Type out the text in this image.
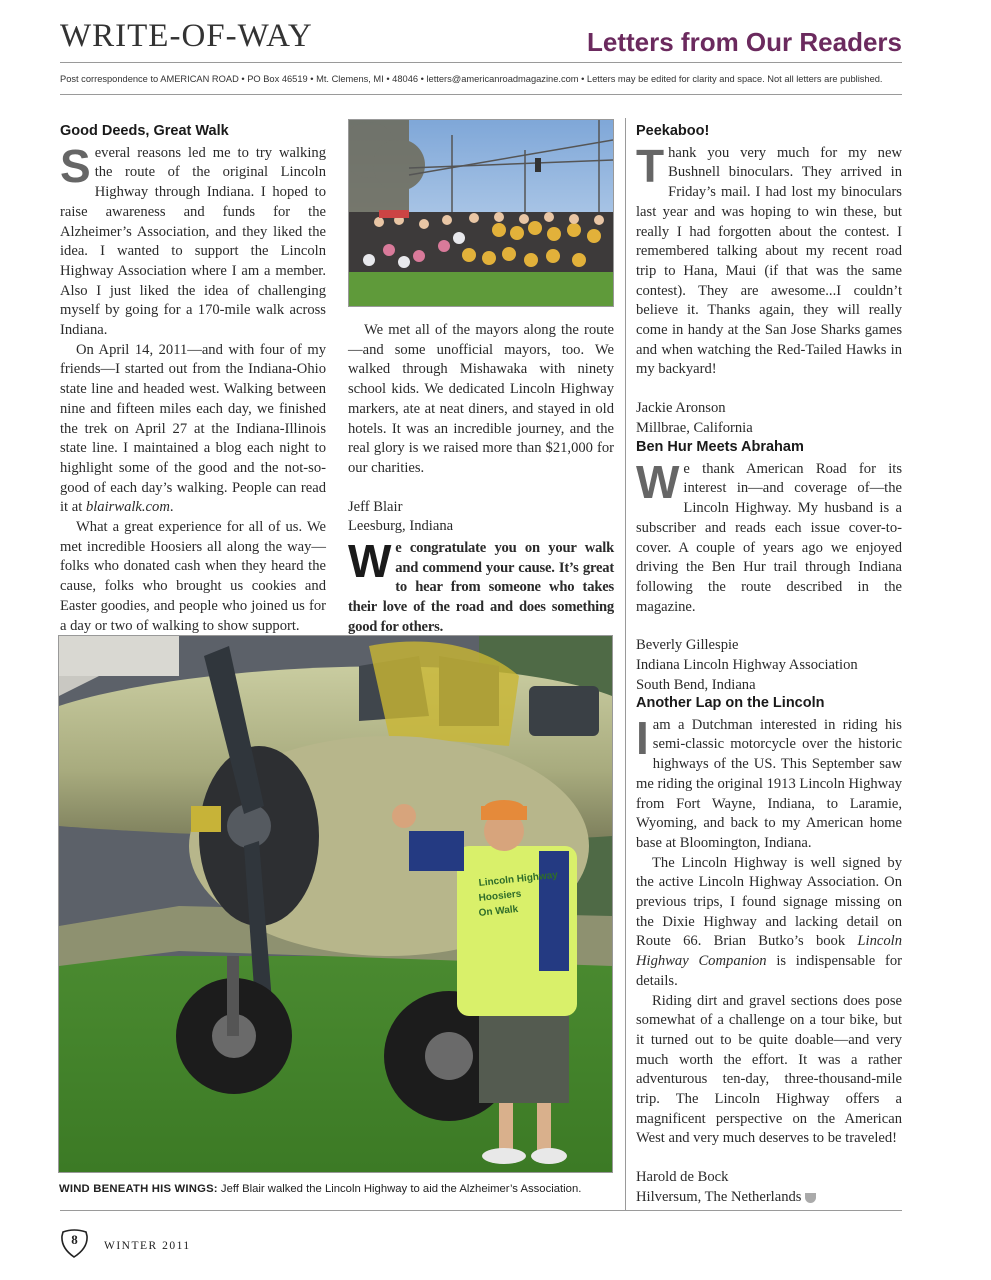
WRITE-OF-WAY	Letters from Our Readers
Post correspondence to AMERICAN ROAD • PO Box 46519 • Mt. Clemens, MI • 48046 • letters@americanroadmagazine.com • Letters may be edited for clarity and space. Not all letters are published.
Good Deeds, Great Walk

Several reasons led me to try walking the route of the original Lincoln Highway through Indiana. I hoped to raise awareness and funds for the Alzheimer’s Association, and they liked the idea. I wanted to support the Lincoln Highway Association where I am a member. Also I just liked the idea of challenging myself by going for a 170-mile walk across Indiana.

On April 14, 2011—and with four of my friends—I started out from the Indiana-Ohio state line and headed west. Walking between nine and fifteen miles each day, we finished the trek on April 27 at the Indiana-Illinois state line. I maintained a blog each night to highlight some of the good and the not-so-good of each day’s walking. People can read it at blairwalk.com.

What a great experience for all of us. We met incredible Hoosiers all along the way—folks who donated cash when they heard the cause, folks who brought us cookies and Easter goodies, and people who joined us for a day or two of walking to show support.

We met all of the mayors along the route—and some unofficial mayors, too. We walked through Mishawaka with ninety school kids. We dedicated Lincoln Highway markers, ate at neat diners, and stayed in old hotels. It was an incredible journey, and the real glory is we raised more than $21,000 for our charities.

Jeff Blair

Leesburg, Indiana

We congratulate you on your walk and commend your cause. It’s great to hear from someone who takes their love of the road and does something good for others.

Peekaboo!

Thank you very much for my new Bushnell binoculars. They arrived in Friday’s mail. I had lost my binoculars last year and was hoping to win these, but really I had forgotten about the contest. I remembered talking about my recent road trip to Hana, Maui (if that was the same contest). They are awesome...I couldn’t believe it. Thanks again, they will really come in handy at the San Jose Sharks games and when watching the Red-Tailed Hawks in my backyard!

Jackie Aronson

Millbrae, California

Ben Hur Meets Abraham

We thank American Road for its interest in—and coverage of—the Lincoln Highway. My husband is a subscriber and reads each issue cover-to-cover. A couple of years ago we enjoyed driving the Ben Hur trail through Indiana following the route described in the magazine.

Beverly Gillespie

Indiana Lincoln Highway Association

South Bend, Indiana

Another Lap on the Lincoln

Iam a Dutchman interested in riding his semi-classic motorcycle over the historic highways of the US. This September saw me riding the original 1913 Lincoln Highway from Fort Wayne, Indiana, to Laramie, Wyoming, and back to my American home base at Bloomington, Indiana.

The Lincoln Highway is well signed by the active Lincoln Highway Association. On previous trips, I found signage missing on the Dixie Highway and lacking detail on Route 66. Brian Butko’s book Lincoln Highway Companion is indispensable for details.

Riding dirt and gravel sections does pose somewhat of a challenge on a tour bike, but it turned out to be quite doable—and very much worth the effort. It was a rather adventurous ten-day, three-thousand-mile trip. The Lincoln Highway offers a magnificent perspective on the American West and very much deserves to be traveled!

Harold de Bock

Hilversum, The Netherlands

Lincoln Highway
Hoosiers
On Walk
WIND BENEATH HIS WINGS: Jeff Blair walked the Lincoln Highway to aid the Alzheimer’s Association.
8	WINTER 2011
